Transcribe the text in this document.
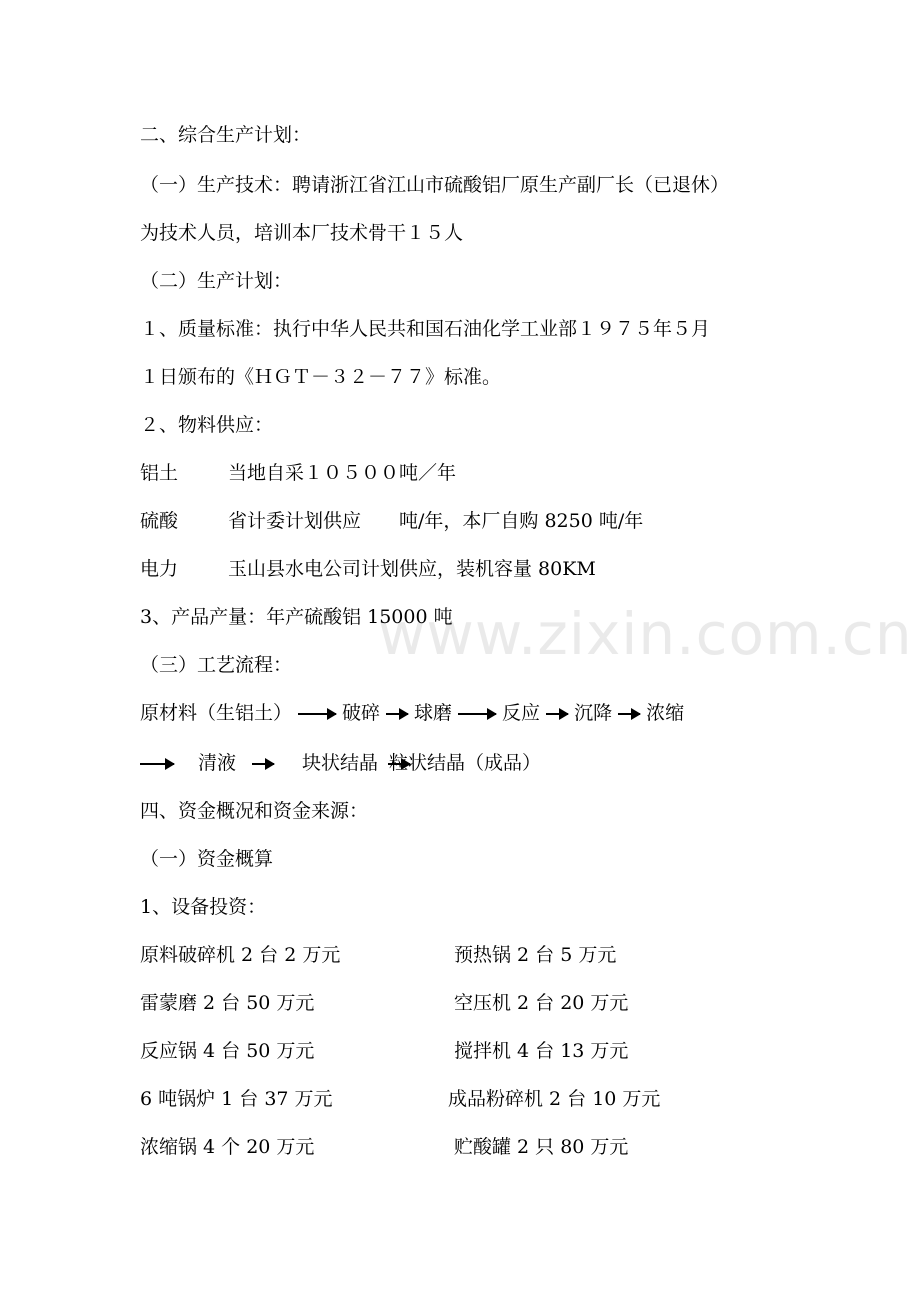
www.zixin.com.cn
二、综合生产计划：
（一）生产技术：聘请浙江省江山市硫酸铝厂原生产副厂长（已退休）
为技术人员，培训本厂技术骨干１５人
（二）生产计划：
１、质量标准：执行中华人民共和国石油化学工业部１９７５年５月
１日颁布的《ＨＧＴ－３２－７７》标准。
２、物料供应：
铝土	当地自采１０５００吨／年
硫酸	省计委计划供应　　吨/年，本厂自购 8250 吨/年
电力	玉山县水电公司计划供应，装机容量 80KM
3、产品产量：年产硫酸铝 15000 吨
（三）工艺流程：
原材料（生铝土）	破碎 球磨	反应 沉降 浓缩
清液	块状结晶 粒状结晶（成品）
四、资金概况和资金来源：
（一）资金概算
1、设备投资：
原料破碎机 2 台 2 万元	预热锅 2 台 5 万元
雷蒙磨 2 台 50 万元	空压机 2 台 20 万元
反应锅 4 台 50 万元	搅拌机 4 台 13 万元
6 吨锅炉 1 台 37 万元	成品粉碎机 2 台 10 万元
浓缩锅 4 个 20 万元	贮酸罐 2 只 80 万元
